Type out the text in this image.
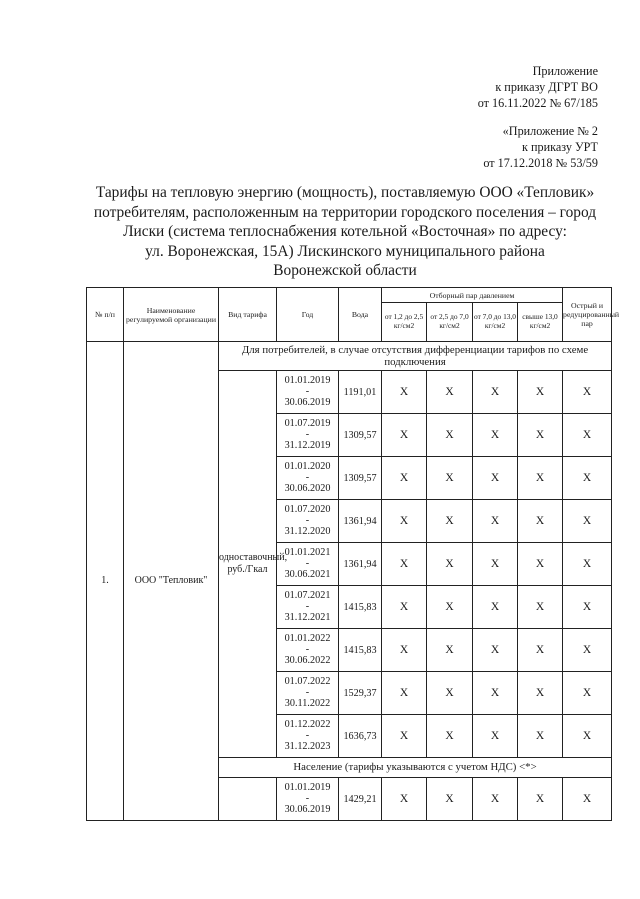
Приложение
к приказу ДГРТ ВО
от 16.11.2022 № 67/185
«Приложение № 2
к приказу УРТ
от 17.12.2018 № 53/59
Тарифы на тепловую энергию (мощность), поставляемую ООО «Тепловик»
потребителям, расположенным на территории городского поселения – город
Лиски (система теплоснабжения котельной «Восточная» по адресу:
ул. Воронежская, 15А) Лискинского муниципального района
Воронежской области
№ п/п	Наименование регулируемой организации	Вид тарифа	Год	Вода	Отборный пар давлением				Острый и редуцированный пар
					от 1,2 до 2,5 кг/см2	от 2,5 до 7,0 кг/см2	от 7,0 до 13,0 кг/см2	свыше 13,0 кг/см2	
1.	ООО "Тепловик"	Для потребителей, в случае отсутствия дифференциации тарифов по схеме подключения							
		одноставочный, руб./Гкал	01.01.2019
-
30.06.2019	1191,01	X	X	X	X	X

			01.07.2019
-
31.12.2019	1309,57	X	X	X	X	X

			01.01.2020
-
30.06.2020	1309,57	X	X	X	X	X

			01.07.2020
-
31.12.2020	1361,94	X	X	X	X	X

			01.01.2021
-
30.06.2021	1361,94	X	X	X	X	X

			01.07.2021
-
31.12.2021	1415,83	X	X	X	X	X

			01.01.2022
-
30.06.2022	1415,83	X	X	X	X	X

			01.07.2022
-
30.11.2022	1529,37	X	X	X	X	X

			01.12.2022
-
31.12.2023	1636,73	X	X	X	X	X
		Население (тарифы указываются с учетом НДС) <*>							

			01.01.2019
-
30.06.2019	1429,21	X	X	X	X	X
